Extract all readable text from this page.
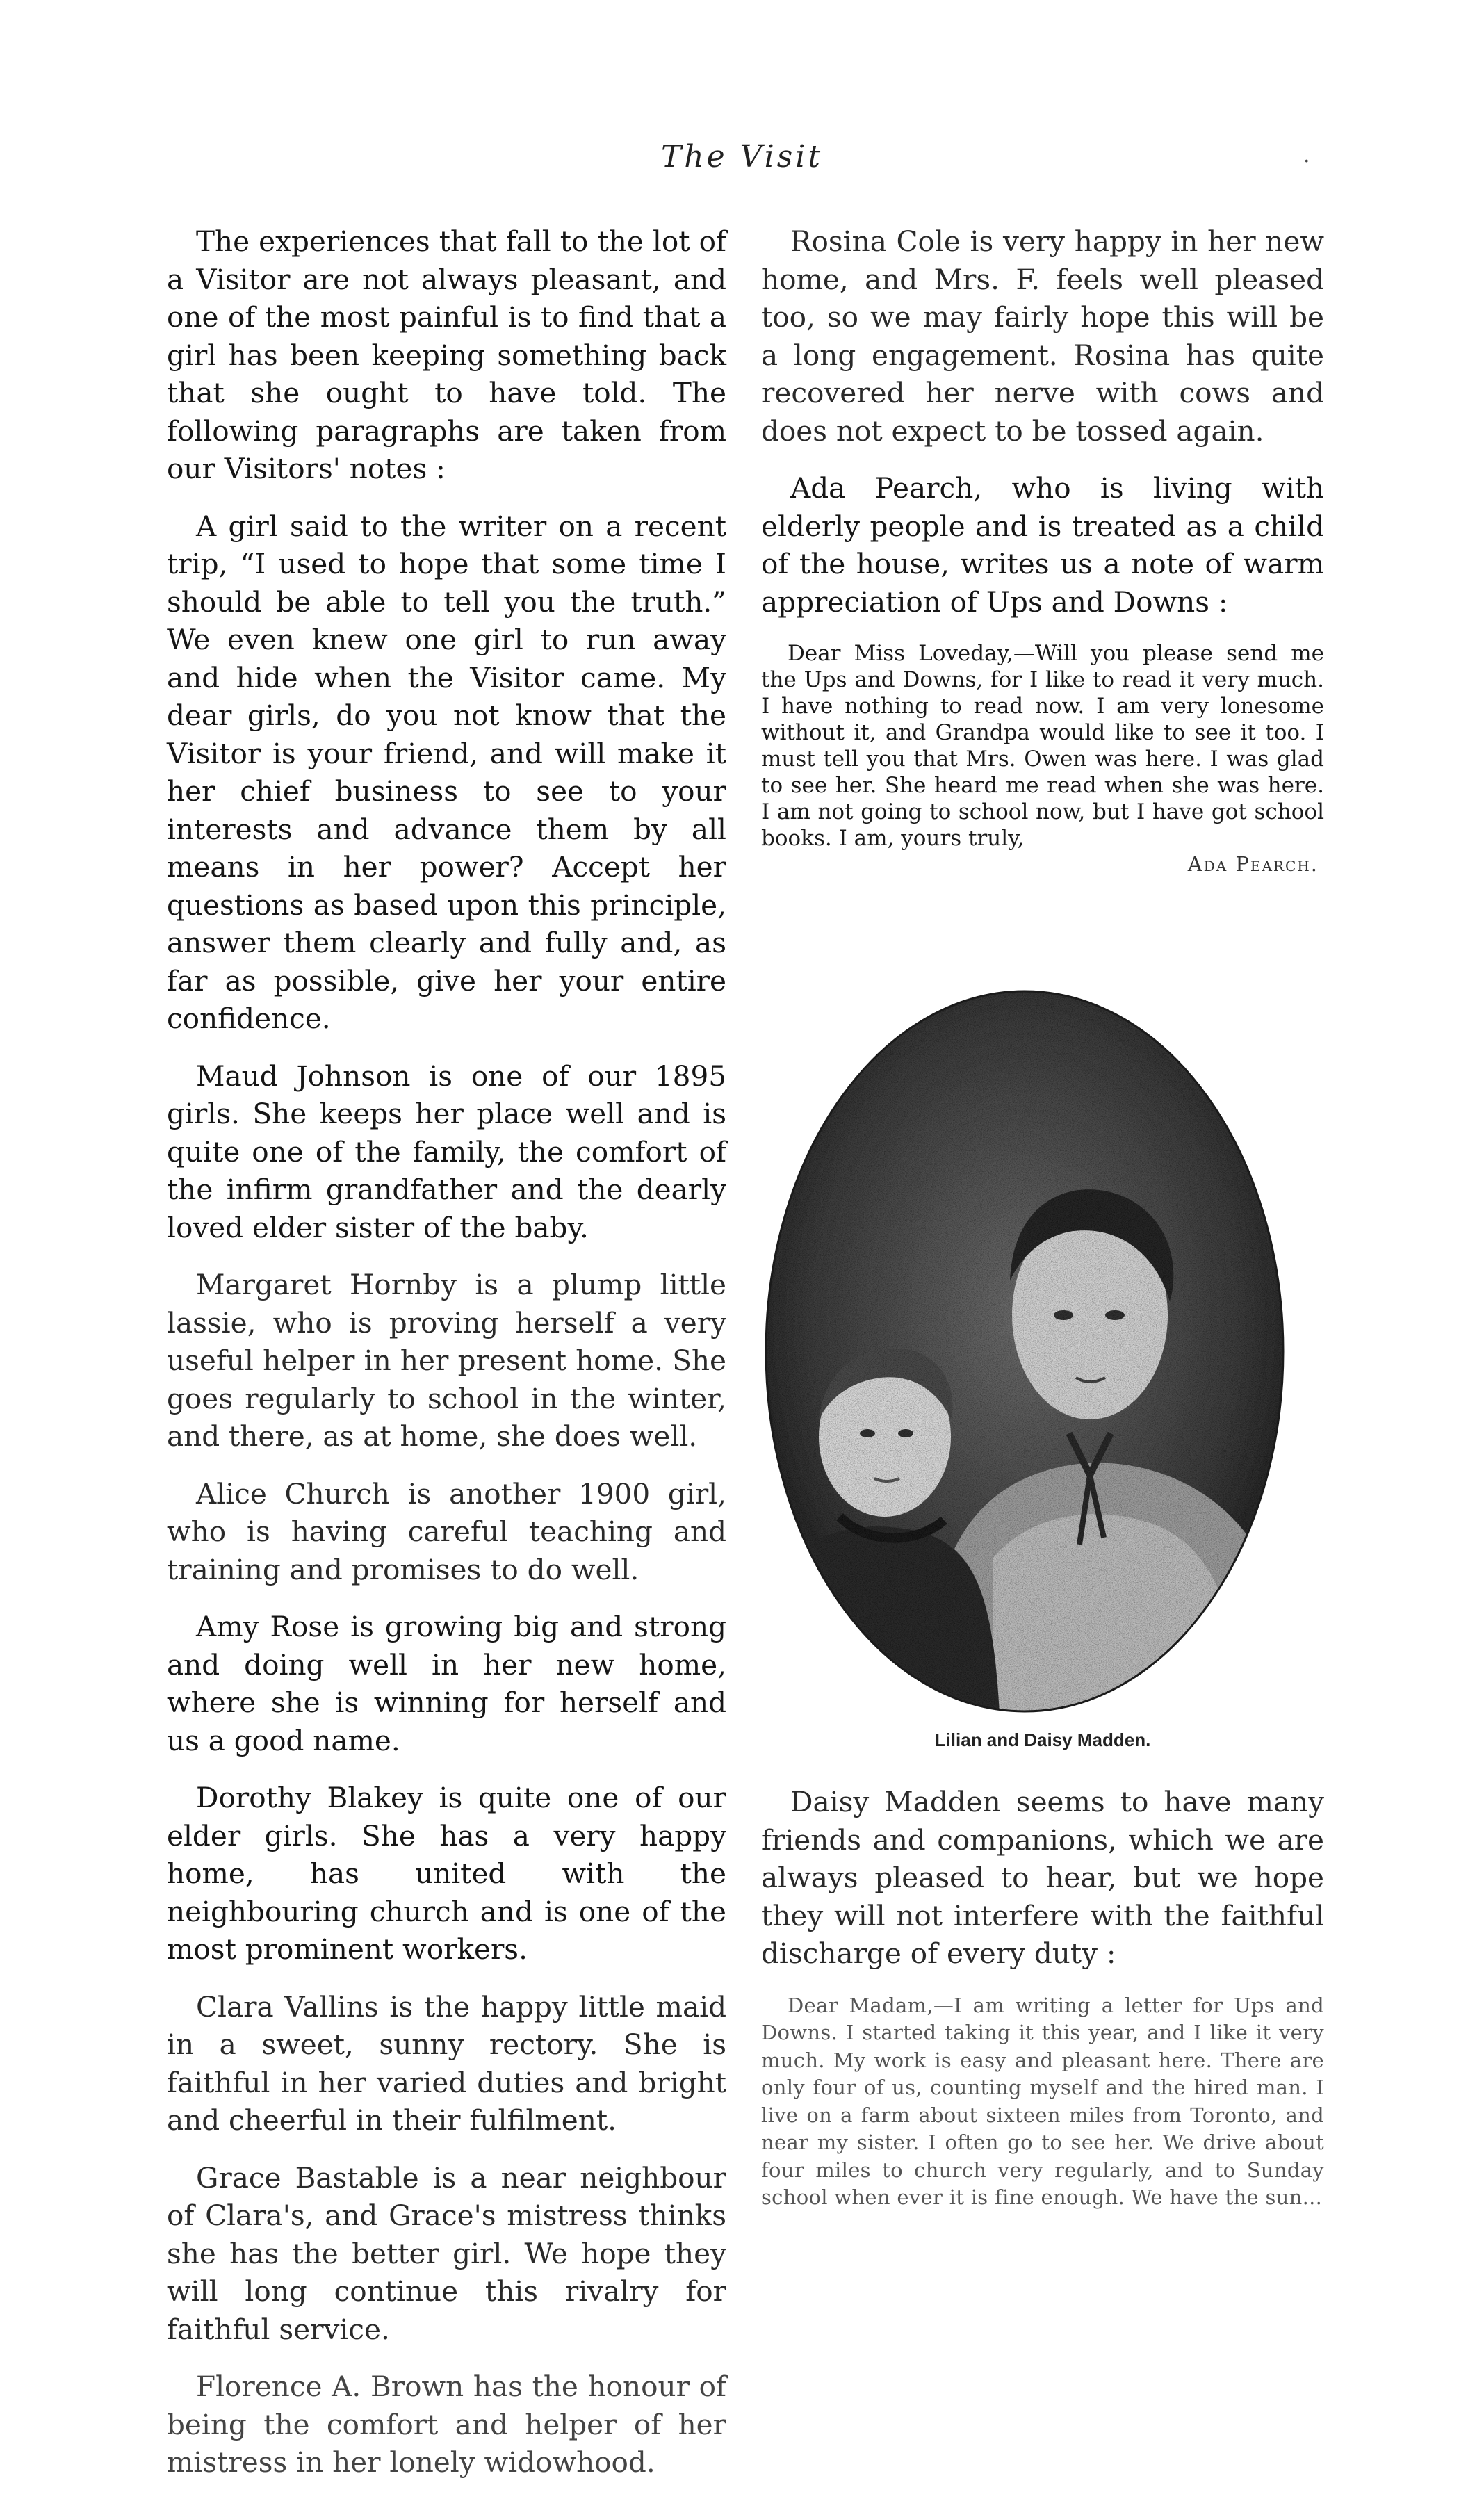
The Visit	·

The experiences that fall to the lot of a Visitor are not always pleasant, and one of the most painful is to find that a girl has been keeping something back that she ought to have told. The following paragraphs are taken from our Visitors' notes :

A girl said to the writer on a recent trip, “I used to hope that some time I should be able to tell you the truth.” We even knew one girl to run away and hide when the Visitor came. My dear girls, do you not know that the Visitor is your friend, and will make it her chief business to see to your interests and advance them by all means in her power? Accept her questions as based upon this principle, answer them clearly and fully and, as far as possible, give her your entire confidence.

Maud Johnson is one of our 1895 girls. She keeps her place well and is quite one of the family, the comfort of the infirm grandfather and the dearly loved elder sister of the baby.

Margaret Hornby is a plump little lassie, who is proving herself a very useful helper in her present home. She goes regularly to school in the winter, and there, as at home, she does well.

Alice Church is another 1900 girl, who is having careful teaching and training and promises to do well.

Amy Rose is growing big and strong and doing well in her new home, where she is winning for herself and us a good name.

Dorothy Blakey is quite one of our elder girls. She has a very happy home, has united with the neighbouring church and is one of the most prominent workers.

Clara Vallins is the happy little maid in a sweet, sunny rectory. She is faithful in her varied duties and bright and cheerful in their fulfilment.

Grace Bastable is a near neighbour of Clara's, and Grace's mistress thinks she has the better girl. We hope they will long continue this rivalry for faithful service.

Florence A. Brown has the honour of being the comfort and helper of her mistress in her lonely widowhood.

Rosina Cole is very happy in her new home, and Mrs. F. feels well pleased too, so we may fairly hope this will be a long engagement. Rosina has quite recovered her nerve with cows and does not expect to be tossed again.

Ada Pearch, who is living with elderly people and is treated as a child of the house, writes us a note of warm appreciation of Ups and Downs :

Dear Miss Loveday,—Will you please send me the Ups and Downs, for I like to read it very much. I have nothing to read now. I am very lonesome without it, and Grandpa would like to see it too. I must tell you that Mrs. Owen was here. I was glad to see her. She heard me read when she was here. I am not going to school now, but I have got school books. I am, yours truly,

Ada Pearch.

Lilian and Daisy Madden.

Daisy Madden seems to have many friends and companions, which we are always pleased to hear, but we hope they will not interfere with the faithful discharge of every duty :

Dear Madam,—I am writing a letter for Ups and Downs. I started taking it this year, and I like it very much. My work is easy and pleasant here. There are only four of us, counting myself and the hired man. I live on a farm about sixteen miles from Toronto, and near my sister. I often go to see her. We drive about four miles to church very regularly, and to Sunday school when ever it is fine enough. We have the sun...
